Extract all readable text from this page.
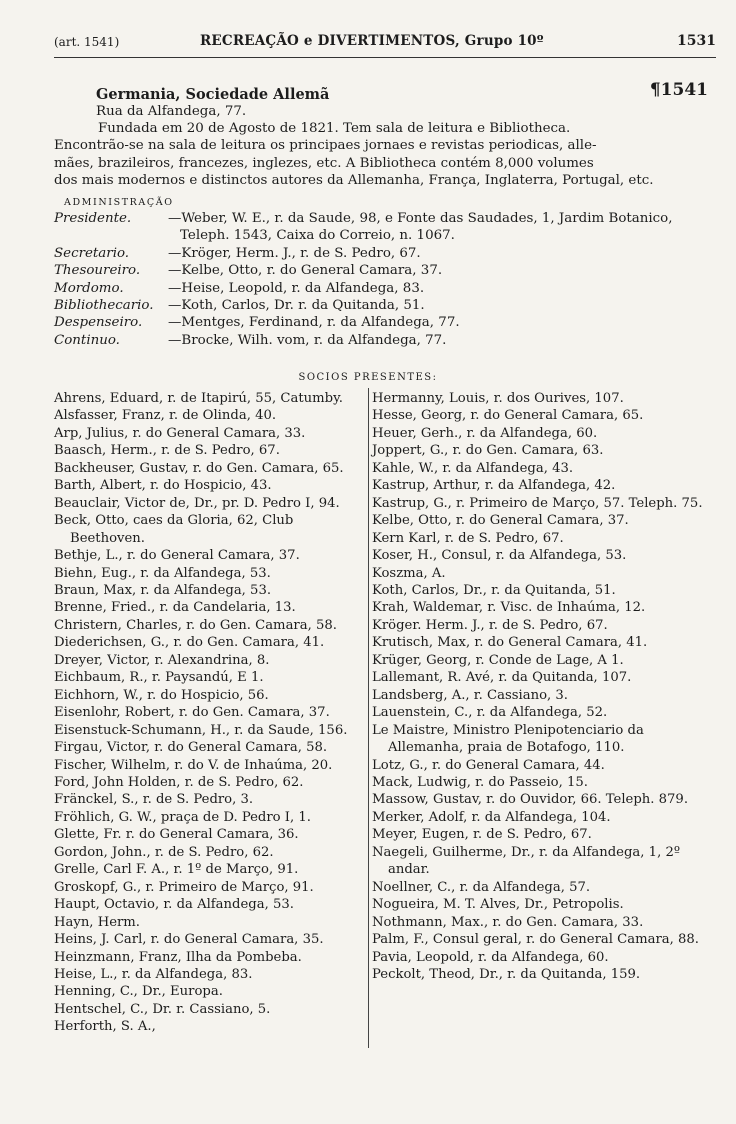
(art. 1541)	RECREAÇÃO e DIVERTIMENTOS, Grupo 10º	1531
¶1541
Germania, Sociedade Allemã
Rua da Alfandega, 77.

Fundada em 20 de Agosto de 1821. Tem sala de leitura e Bibliotheca.

Encontrão-se na sala de leitura os principaes jornaes e revistas periodicas, alle-

mães, brazileiros, francezes, inglezes, etc. A Bibliotheca contém 8,000 volumes

dos mais modernos e distinctos autores da Allemanha, França, Inglaterra, Portugal, etc.

ADMINISTRAÇÃO
Presidente.	—Weber, W. E., r. da Saude, 98, e Fonte das Saudades, 1, Jardim Botanico, Teleph. 1543, Caixa do Correio, n. 1067.
Secretario.	—Kröger, Herm. J., r. de S. Pedro, 67.
Thesoureiro.	—Kelbe, Otto, r. do General Camara, 37.
Mordomo.	—Heise, Leopold, r. da Alfandega, 83.
Bibliothecario.	—Koth, Carlos, Dr. r. da Quitanda, 51.
Despenseiro.	—Mentges, Ferdinand, r. da Alfandega, 77.
Continuo.	—Brocke, Wilh. vom, r. da Alfandega, 77.
SOCIOS PRESENTES:
Ahrens, Eduard, r. de Itapirú, 55, Catumby.
Alsfasser, Franz, r. de Olinda, 40.
Arp, Julius, r. do General Camara, 33.
Baasch, Herm., r. de S. Pedro, 67.
Backheuser, Gustav, r. do Gen. Camara, 65.
Barth, Albert, r. do Hospicio, 43.
Beauclair, Victor de, Dr., pr. D. Pedro I, 94.
Beck, Otto, caes da Gloria, 62, Club Beethoven.
Bethje, L., r. do General Camara, 37.
Biehn, Eug., r. da Alfandega, 53.
Braun, Max, r. da Alfandega, 53.
Brenne, Fried., r. da Candelaria, 13.
Christern, Charles, r. do Gen. Camara, 58.
Diederichsen, G., r. do Gen. Camara, 41.
Dreyer, Victor, r. Alexandrina, 8.
Eichbaum, R., r. Paysandú, E 1.
Eichhorn, W., r. do Hospicio, 56.
Eisenlohr, Robert, r. do Gen. Camara, 37.
Eisenstuck-Schumann, H., r. da Saude, 156.
Firgau, Victor, r. do General Camara, 58.
Fischer, Wilhelm, r. do V. de Inhaúma, 20.
Ford, John Holden, r. de S. Pedro, 62.
Fränckel, S., r. de S. Pedro, 3.
Fröhlich, G. W., praça de D. Pedro I, 1.
Glette, Fr. r. do General Camara, 36.
Gordon, John., r. de S. Pedro, 62.
Grelle, Carl F. A., r. 1º de Março, 91.
Groskopf, G., r. Primeiro de Março, 91.
Haupt, Octavio, r. da Alfandega, 53.
Hayn, Herm.
Heins, J. Carl, r. do General Camara, 35.
Heinzmann, Franz, Ilha da Pombeba.
Heise, L., r. da Alfandega, 83.
Henning, C., Dr., Europa.
Hentschel, C., Dr. r. Cassiano, 5.
Herforth, S. A.,
Hermanny, Louis, r. dos Ourives, 107.
Hesse, Georg, r. do General Camara, 65.
Heuer, Gerh., r. da Alfandega, 60.
Joppert, G., r. do Gen. Camara, 63.
Kahle, W., r. da Alfandega, 43.
Kastrup, Arthur, r. da Alfandega, 42.
Kastrup, G., r. Primeiro de Março, 57. Teleph. 75.
Kelbe, Otto, r. do General Camara, 37.
Kern Karl, r. de S. Pedro, 67.
Koser, H., Consul, r. da Alfandega, 53.
Koszma, A.
Koth, Carlos, Dr., r. da Quitanda, 51.
Krah, Waldemar, r. Visc. de Inhaúma, 12.
Kröger. Herm. J., r. de S. Pedro, 67.
Krutisch, Max, r. do General Camara, 41.
Krüger, Georg, r. Conde de Lage, A 1.
Lallemant, R. Avé, r. da Quitanda, 107.
Landsberg, A., r. Cassiano, 3.
Lauenstein, C., r. da Alfandega, 52.
Le Maistre, Ministro Plenipotenciario da Allemanha, praia de Botafogo, 110.
Lotz, G., r. do General Camara, 44.
Mack, Ludwig, r. do Passeio, 15.
Massow, Gustav, r. do Ouvidor, 66. Teleph. 879.
Merker, Adolf, r. da Alfandega, 104.
Meyer, Eugen, r. de S. Pedro, 67.
Naegeli, Guilherme, Dr., r. da Alfandega, 1, 2º andar.
Noellner, C., r. da Alfandega, 57.
Nogueira, M. T. Alves, Dr., Petropolis.
Nothmann, Max., r. do Gen. Camara, 33.
Palm, F., Consul geral, r. do General Camara, 88.
Pavia, Leopold, r. da Alfandega, 60.
Peckolt, Theod, Dr., r. da Quitanda, 159.
